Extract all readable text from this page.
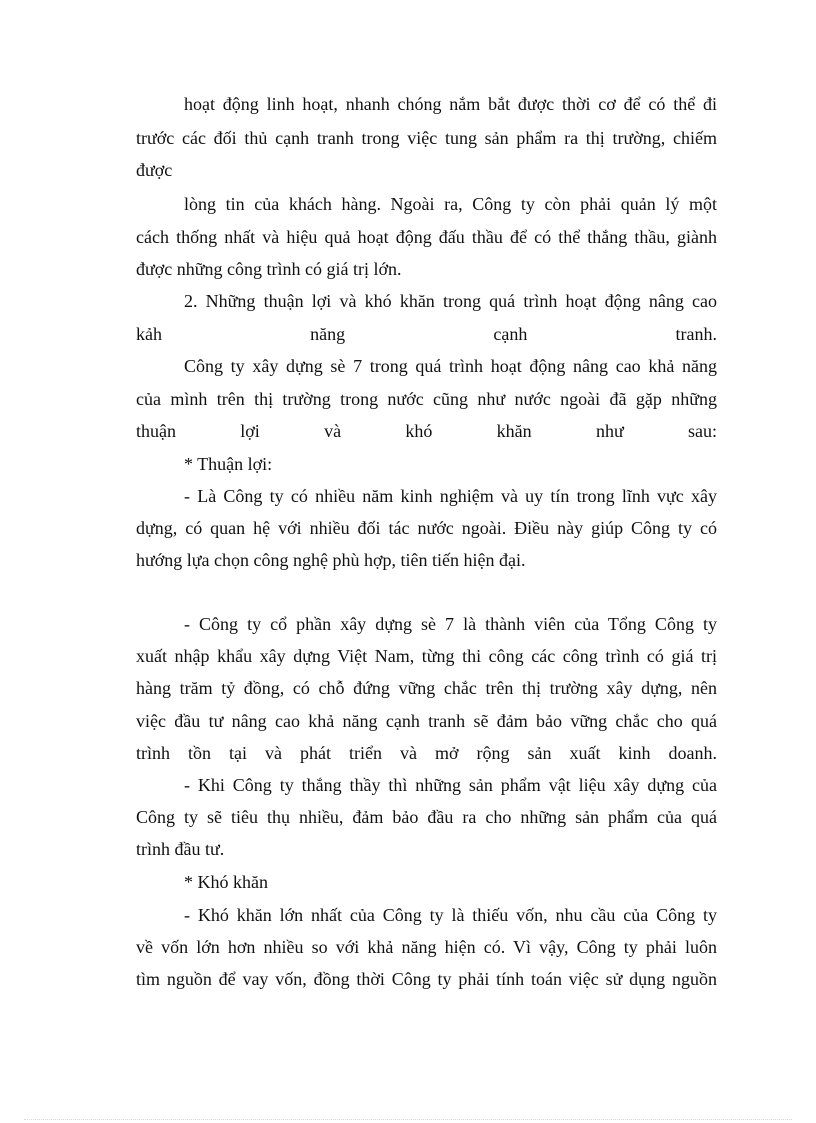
hoạt động linh hoạt, nhanh chóng nắm bắt được thời cơ để có thể đi

trước các đối thủ cạnh tranh trong việc tung sản phẩm ra thị trường, chiếm

được

lòng tin của khách hàng. Ngoài ra, Công ty còn phải quản lý một

cách thống nhất và hiệu quả hoạt động đấu thầu để có thể thắng thầu, giành

được những công trình có giá trị lớn.

2. Những thuận lợi và khó khăn trong quá trình hoạt động nâng cao

kảh năng cạnh tranh.

Công ty xây dựng sè 7 trong quá trình hoạt động nâng cao khả năng

của mình trên thị trường trong nước cũng như nước ngoài đã gặp những

thuận lợi và khó khăn như sau:

* Thuận lợi:

- Là Công ty có nhiều năm kinh nghiệm và uy tín trong lĩnh vực xây

dựng, có quan hệ với nhiều đối tác nước ngoài. Điều này giúp Công ty có

hướng lựa chọn công nghệ phù hợp, tiên tiến hiện đại.

- Công ty cổ phần xây dựng sè 7 là thành viên của Tổng Công ty

xuất nhập khẩu xây dựng Việt Nam, từng thi công các công trình có giá trị

hàng trăm tỷ đồng, có chỗ đứng vững chắc trên thị trường xây dựng, nên

việc đầu tư nâng cao khả năng cạnh tranh sẽ đảm bảo vững chắc cho quá

trình tồn tại và phát triển và mở rộng sản xuất kinh doanh.

- Khi Công ty thắng thầy thì những sản phẩm vật liệu xây dựng của

Công ty sẽ tiêu thụ nhiều, đảm bảo đầu ra cho những sản phẩm của quá

trình đầu tư.

* Khó khăn

- Khó khăn lớn nhất của Công ty là thiếu vốn, nhu cầu của Công ty

về vốn lớn hơn nhiều so với khả năng hiện có. Vì vậy, Công ty phải luôn

tìm nguồn để vay vốn, đồng thời Công ty phải tính toán việc sử dụng nguồn
